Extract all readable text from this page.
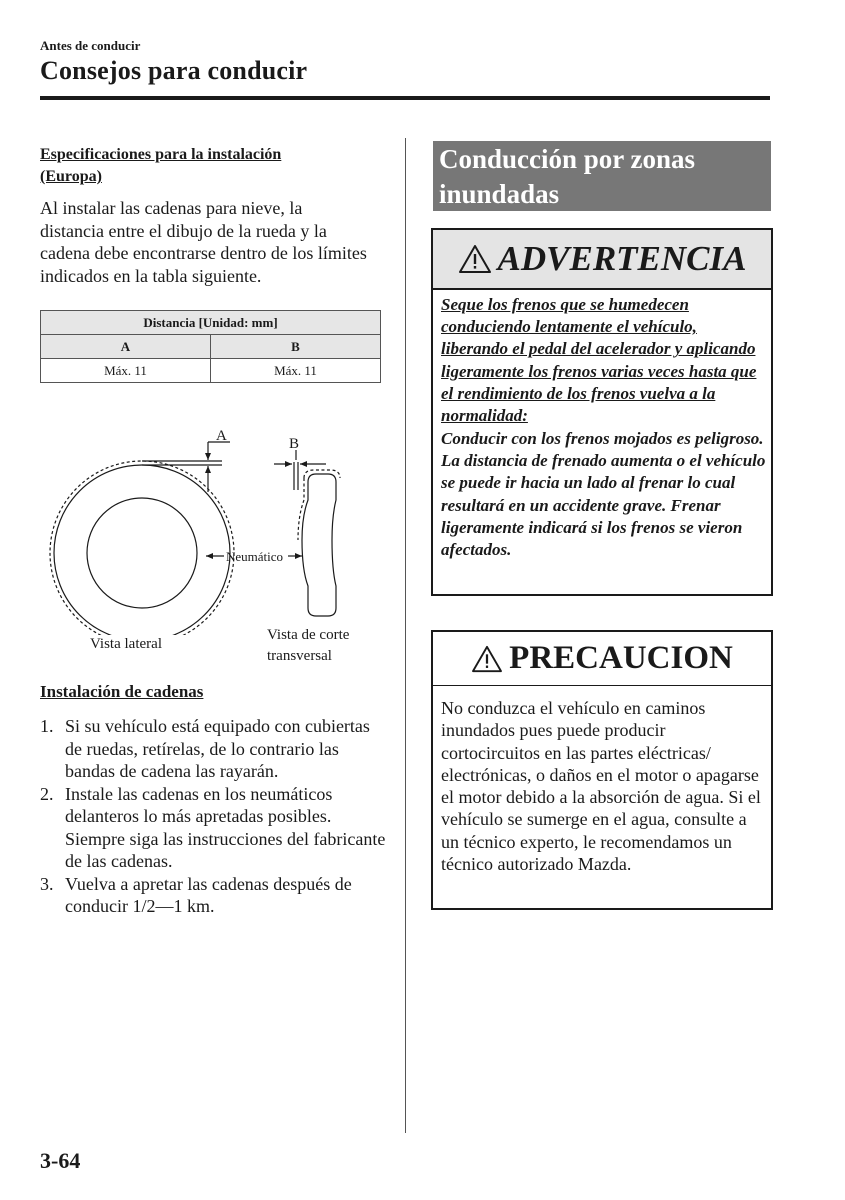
Antes de conducir
Consejos para conducir
Especificaciones para la instalación
(Europa)
Al instalar las cadenas para nieve, la distancia entre el dibujo de la rueda y la cadena debe encontrarse dentro de los límites indicados en la tabla siguiente.
Distancia [Unidad: mm]	
A	B
Máx. 11	Máx. 11
A	B
Neumático
Vista lateral
Vista de corte
transversal
Instalación de cadenas
1. Si su vehículo está equipado con cubiertas de ruedas, retírelas, de lo contrario las bandas de cadena las rayarán.
2. Instale las cadenas en los neumáticos delanteros lo más apretadas posibles. Siempre siga las instrucciones del fabricante de las cadenas.
3. Vuelva a apretar las cadenas después de conducir 1/2—1 km.
Conducción por zonas
inundadas
ADVERTENCIA
Seque los frenos que se humedecen conduciendo lentamente el vehículo, liberando el pedal del acelerador y aplicando ligeramente los frenos varias veces hasta que el rendimiento de los frenos vuelva a la normalidad:
Conducir con los frenos mojados es peligroso. La distancia de frenado aumenta o el vehículo se puede ir hacia un lado al frenar lo cual resultará en un accidente grave. Frenar ligeramente indicará si los frenos se vieron afectados.
PRECAUCION
No conduzca el vehículo en caminos inundados pues puede producir cortocircuitos en las partes eléctricas/ electrónicas, o daños en el motor o apagarse el motor debido a la absorción de agua. Si el vehículo se sumerge en el agua, consulte a un técnico experto, le recomendamos un técnico autorizado Mazda.
3-64
